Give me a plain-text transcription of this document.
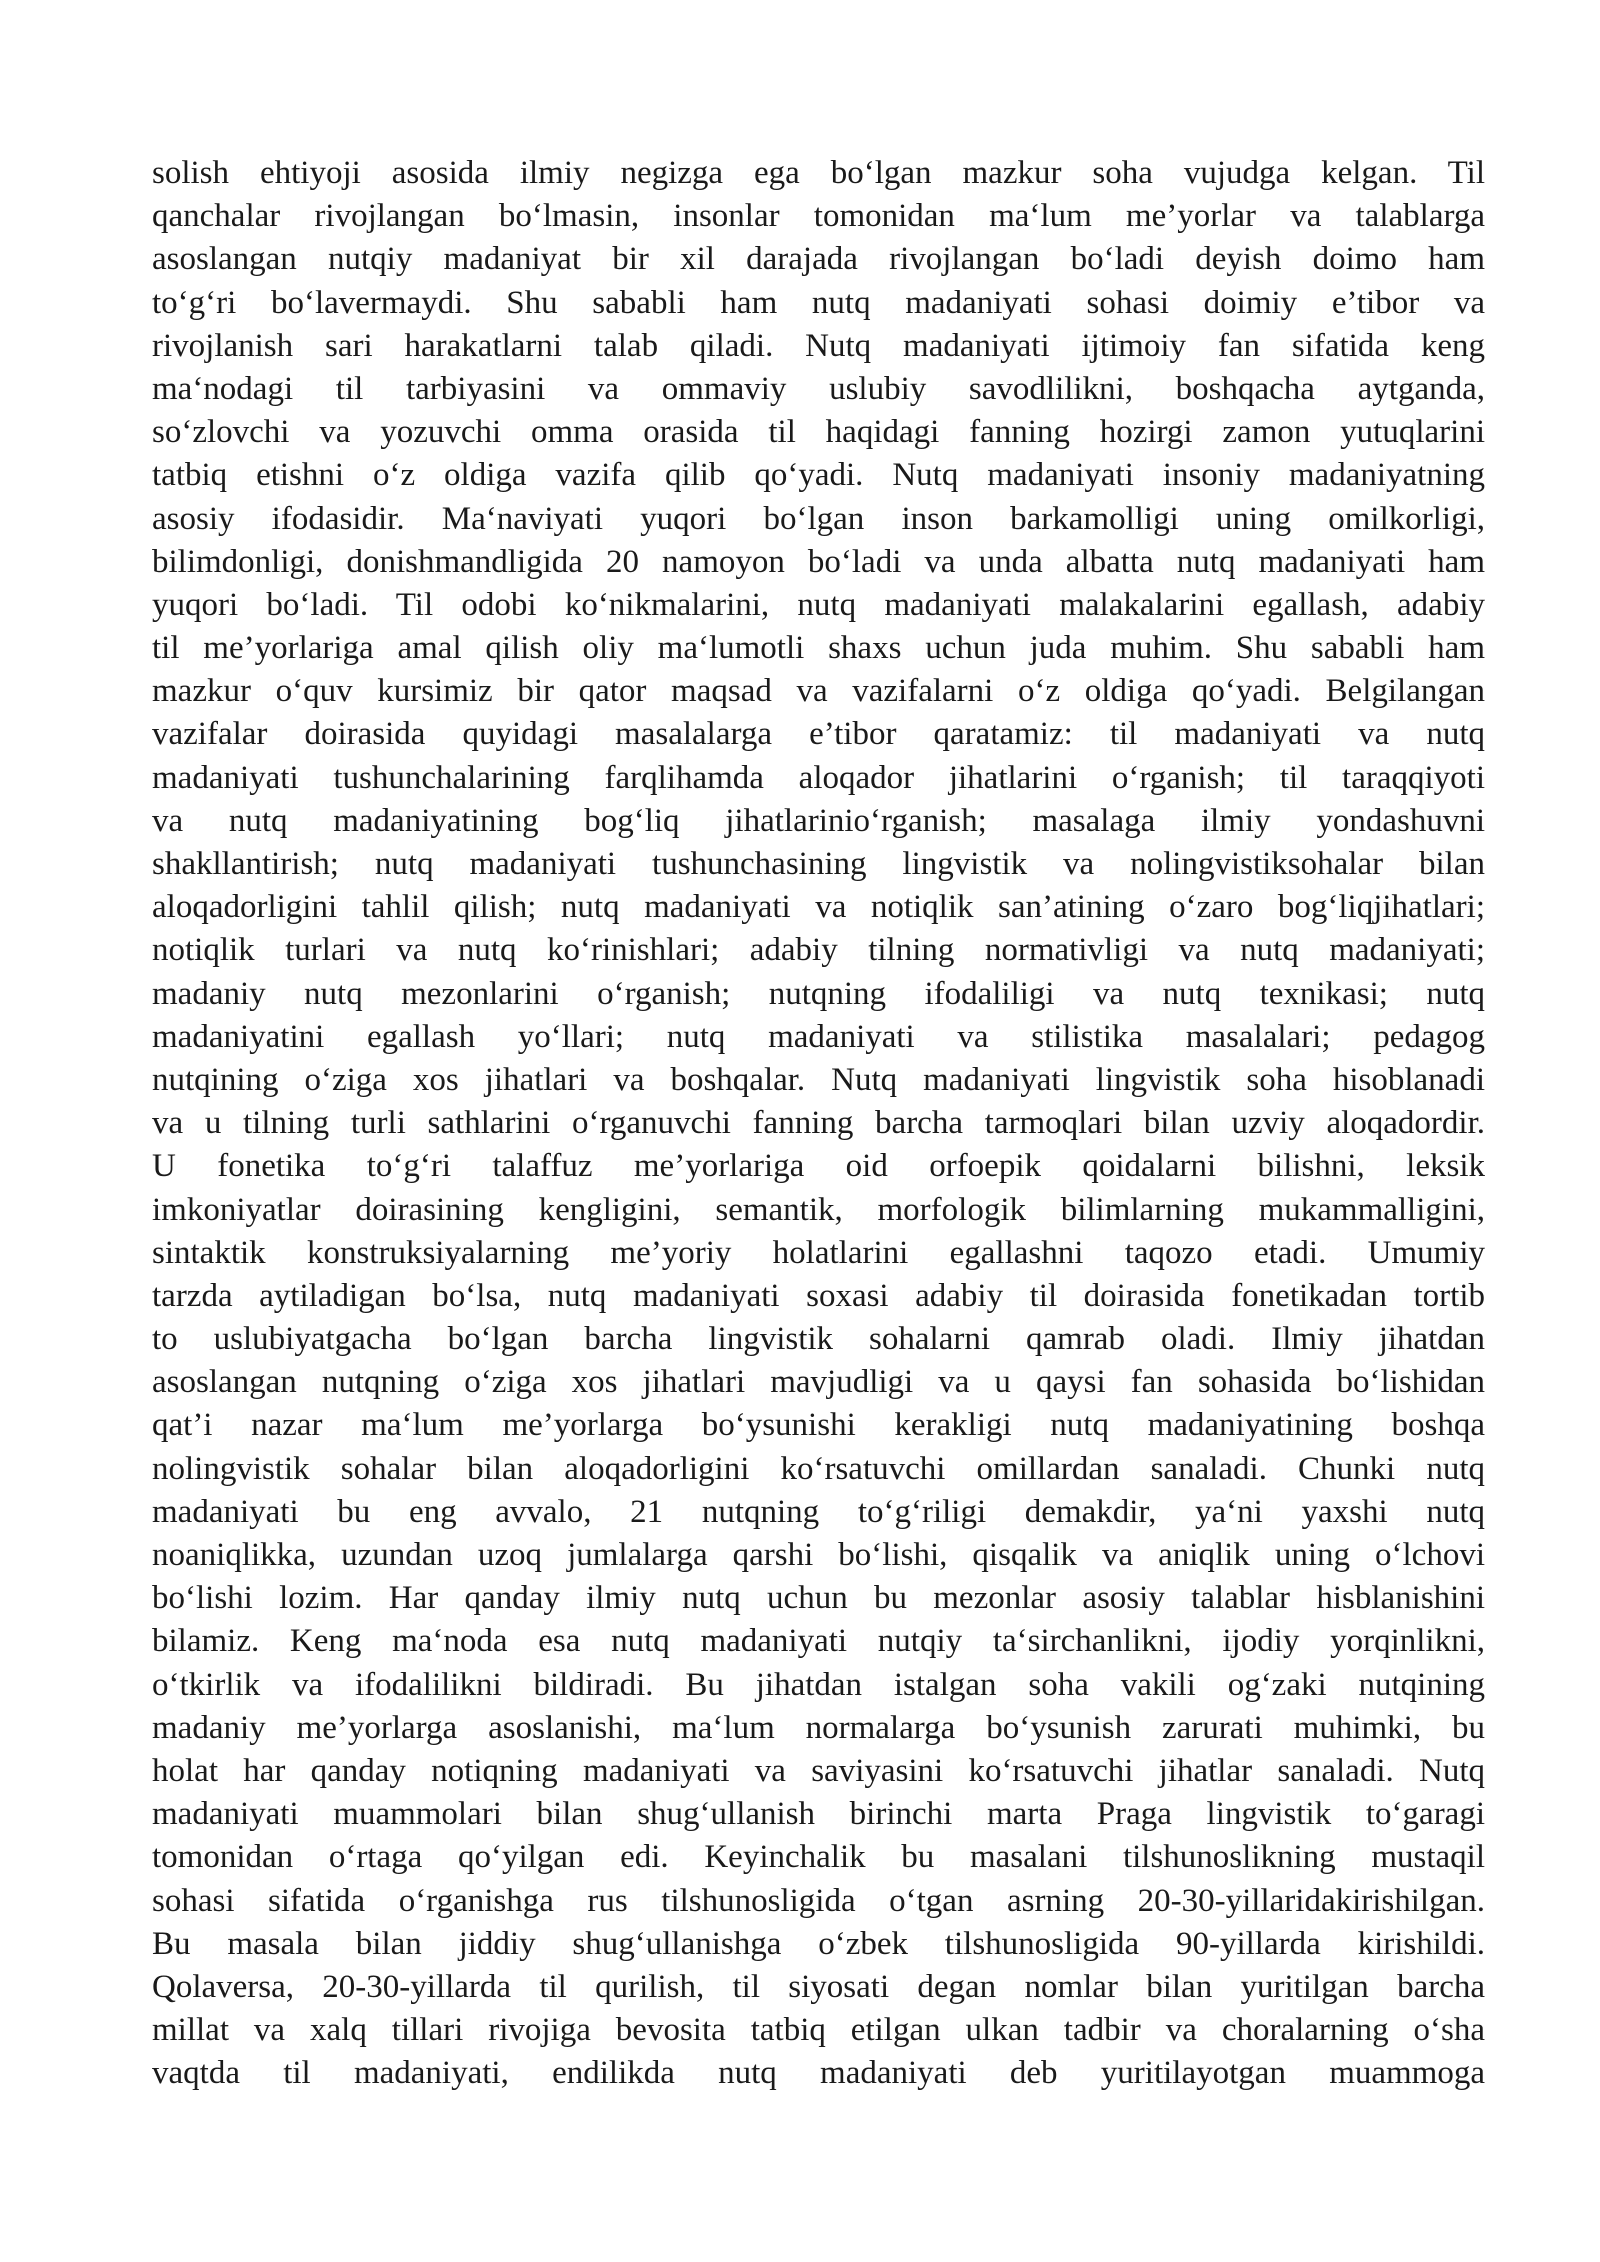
solish ehtiyoji asosida ilmiy negizga ega bo‘lgan mazkur soha vujudga kelgan. Til
qanchalar rivojlangan bo‘lmasin, insonlar tomonidan ma‘lum me’yorlar va talablarga
asoslangan nutqiy madaniyat bir xil darajada rivojlangan bo‘ladi deyish doimo ham
to‘g‘ri bo‘lavermaydi. Shu sababli ham nutq madaniyati sohasi doimiy e’tibor va
rivojlanish sari harakatlarni talab qiladi. Nutq madaniyati ijtimoiy fan sifatida keng
ma‘nodagi til tarbiyasini va ommaviy uslubiy savodlilikni, boshqacha aytganda,
so‘zlovchi va yozuvchi omma orasida til haqidagi fanning hozirgi zamon yutuqlarini
tatbiq etishni o‘z oldiga vazifa qilib qo‘yadi. Nutq madaniyati insoniy madaniyatning
asosiy ifodasidir. Ma‘naviyati yuqori bo‘lgan inson barkamolligi uning omilkorligi,
bilimdonligi, donishmandligida 20 namoyon bo‘ladi va unda albatta nutq madaniyati ham
yuqori bo‘ladi. Til odobi ko‘nikmalarini, nutq madaniyati malakalarini egallash, adabiy
til me’yorlariga amal qilish oliy ma‘lumotli shaxs uchun juda muhim. Shu sababli ham
mazkur o‘quv kursimiz bir qator maqsad va vazifalarni o‘z oldiga qo‘yadi. Belgilangan
vazifalar doirasida quyidagi masalalarga e’tibor qaratamiz: til madaniyati va nutq
madaniyati tushunchalarining farqlihamda aloqador jihatlarini o‘rganish; til taraqqiyoti
va nutq madaniyatining bog‘liq jihatlarinio‘rganish; masalaga ilmiy yondashuvni
shakllantirish; nutq madaniyati tushunchasining lingvistik va nolingvistiksohalar bilan
aloqadorligini tahlil qilish; nutq madaniyati va notiqlik san’atining o‘zaro bog‘liqjihatlari;
notiqlik turlari va nutq ko‘rinishlari; adabiy tilning normativligi va nutq madaniyati;
madaniy nutq mezonlarini o‘rganish; nutqning ifodaliligi va nutq texnikasi; nutq
madaniyatini egallash yo‘llari; nutq madaniyati va stilistika masalalari; pedagog
nutqining o‘ziga xos jihatlari va boshqalar. Nutq madaniyati lingvistik soha hisoblanadi
va u tilning turli sathlarini o‘rganuvchi fanning barcha tarmoqlari bilan uzviy aloqadordir.
U fonetika to‘g‘ri talaffuz me’yorlariga oid orfoepik qoidalarni bilishni, leksik
imkoniyatlar doirasining kengligini, semantik, morfologik bilimlarning mukammalligini,
sintaktik konstruksiyalarning me’yoriy holatlarini egallashni taqozo etadi. Umumiy
tarzda aytiladigan bo‘lsa, nutq madaniyati soxasi adabiy til doirasida fonetikadan tortib
to uslubiyatgacha bo‘lgan barcha lingvistik sohalarni qamrab oladi. Ilmiy jihatdan
asoslangan nutqning o‘ziga xos jihatlari mavjudligi va u qaysi fan sohasida bo‘lishidan
qat’i nazar ma‘lum me’yorlarga bo‘ysunishi kerakligi nutq madaniyatining boshqa
nolingvistik sohalar bilan aloqadorligini ko‘rsatuvchi omillardan sanaladi. Chunki nutq
madaniyati bu eng avvalo, 21 nutqning to‘g‘riligi demakdir, ya‘ni yaxshi nutq
noaniqlikka, uzundan uzoq jumlalarga qarshi bo‘lishi, qisqalik va aniqlik uning o‘lchovi
bo‘lishi lozim. Har qanday ilmiy nutq uchun bu mezonlar asosiy talablar hisblanishini
bilamiz. Keng ma‘noda esa nutq madaniyati nutqiy ta‘sirchanlikni, ijodiy yorqinlikni,
o‘tkirlik va ifodalilikni bildiradi. Bu jihatdan istalgan soha vakili og‘zaki nutqining
madaniy me’yorlarga asoslanishi, ma‘lum normalarga bo‘ysunish zarurati muhimki, bu
holat har qanday notiqning madaniyati va saviyasini ko‘rsatuvchi jihatlar sanaladi. Nutq
madaniyati muammolari bilan shug‘ullanish birinchi marta Praga lingvistik to‘garagi
tomonidan o‘rtaga qo‘yilgan edi. Keyinchalik bu masalani tilshunoslikning mustaqil
sohasi sifatida o‘rganishga rus tilshunosligida o‘tgan asrning 20-30-yillaridakirishilgan.
Bu masala bilan jiddiy shug‘ullanishga o‘zbek tilshunosligida 90-yillarda kirishildi.
Qolaversa, 20-30-yillarda til qurilish, til siyosati degan nomlar bilan yuritilgan barcha
millat va xalq tillari rivojiga bevosita tatbiq etilgan ulkan tadbir va choralarning o‘sha
vaqtda til madaniyati, endilikda nutq madaniyati deb yuritilayotgan muammoga
